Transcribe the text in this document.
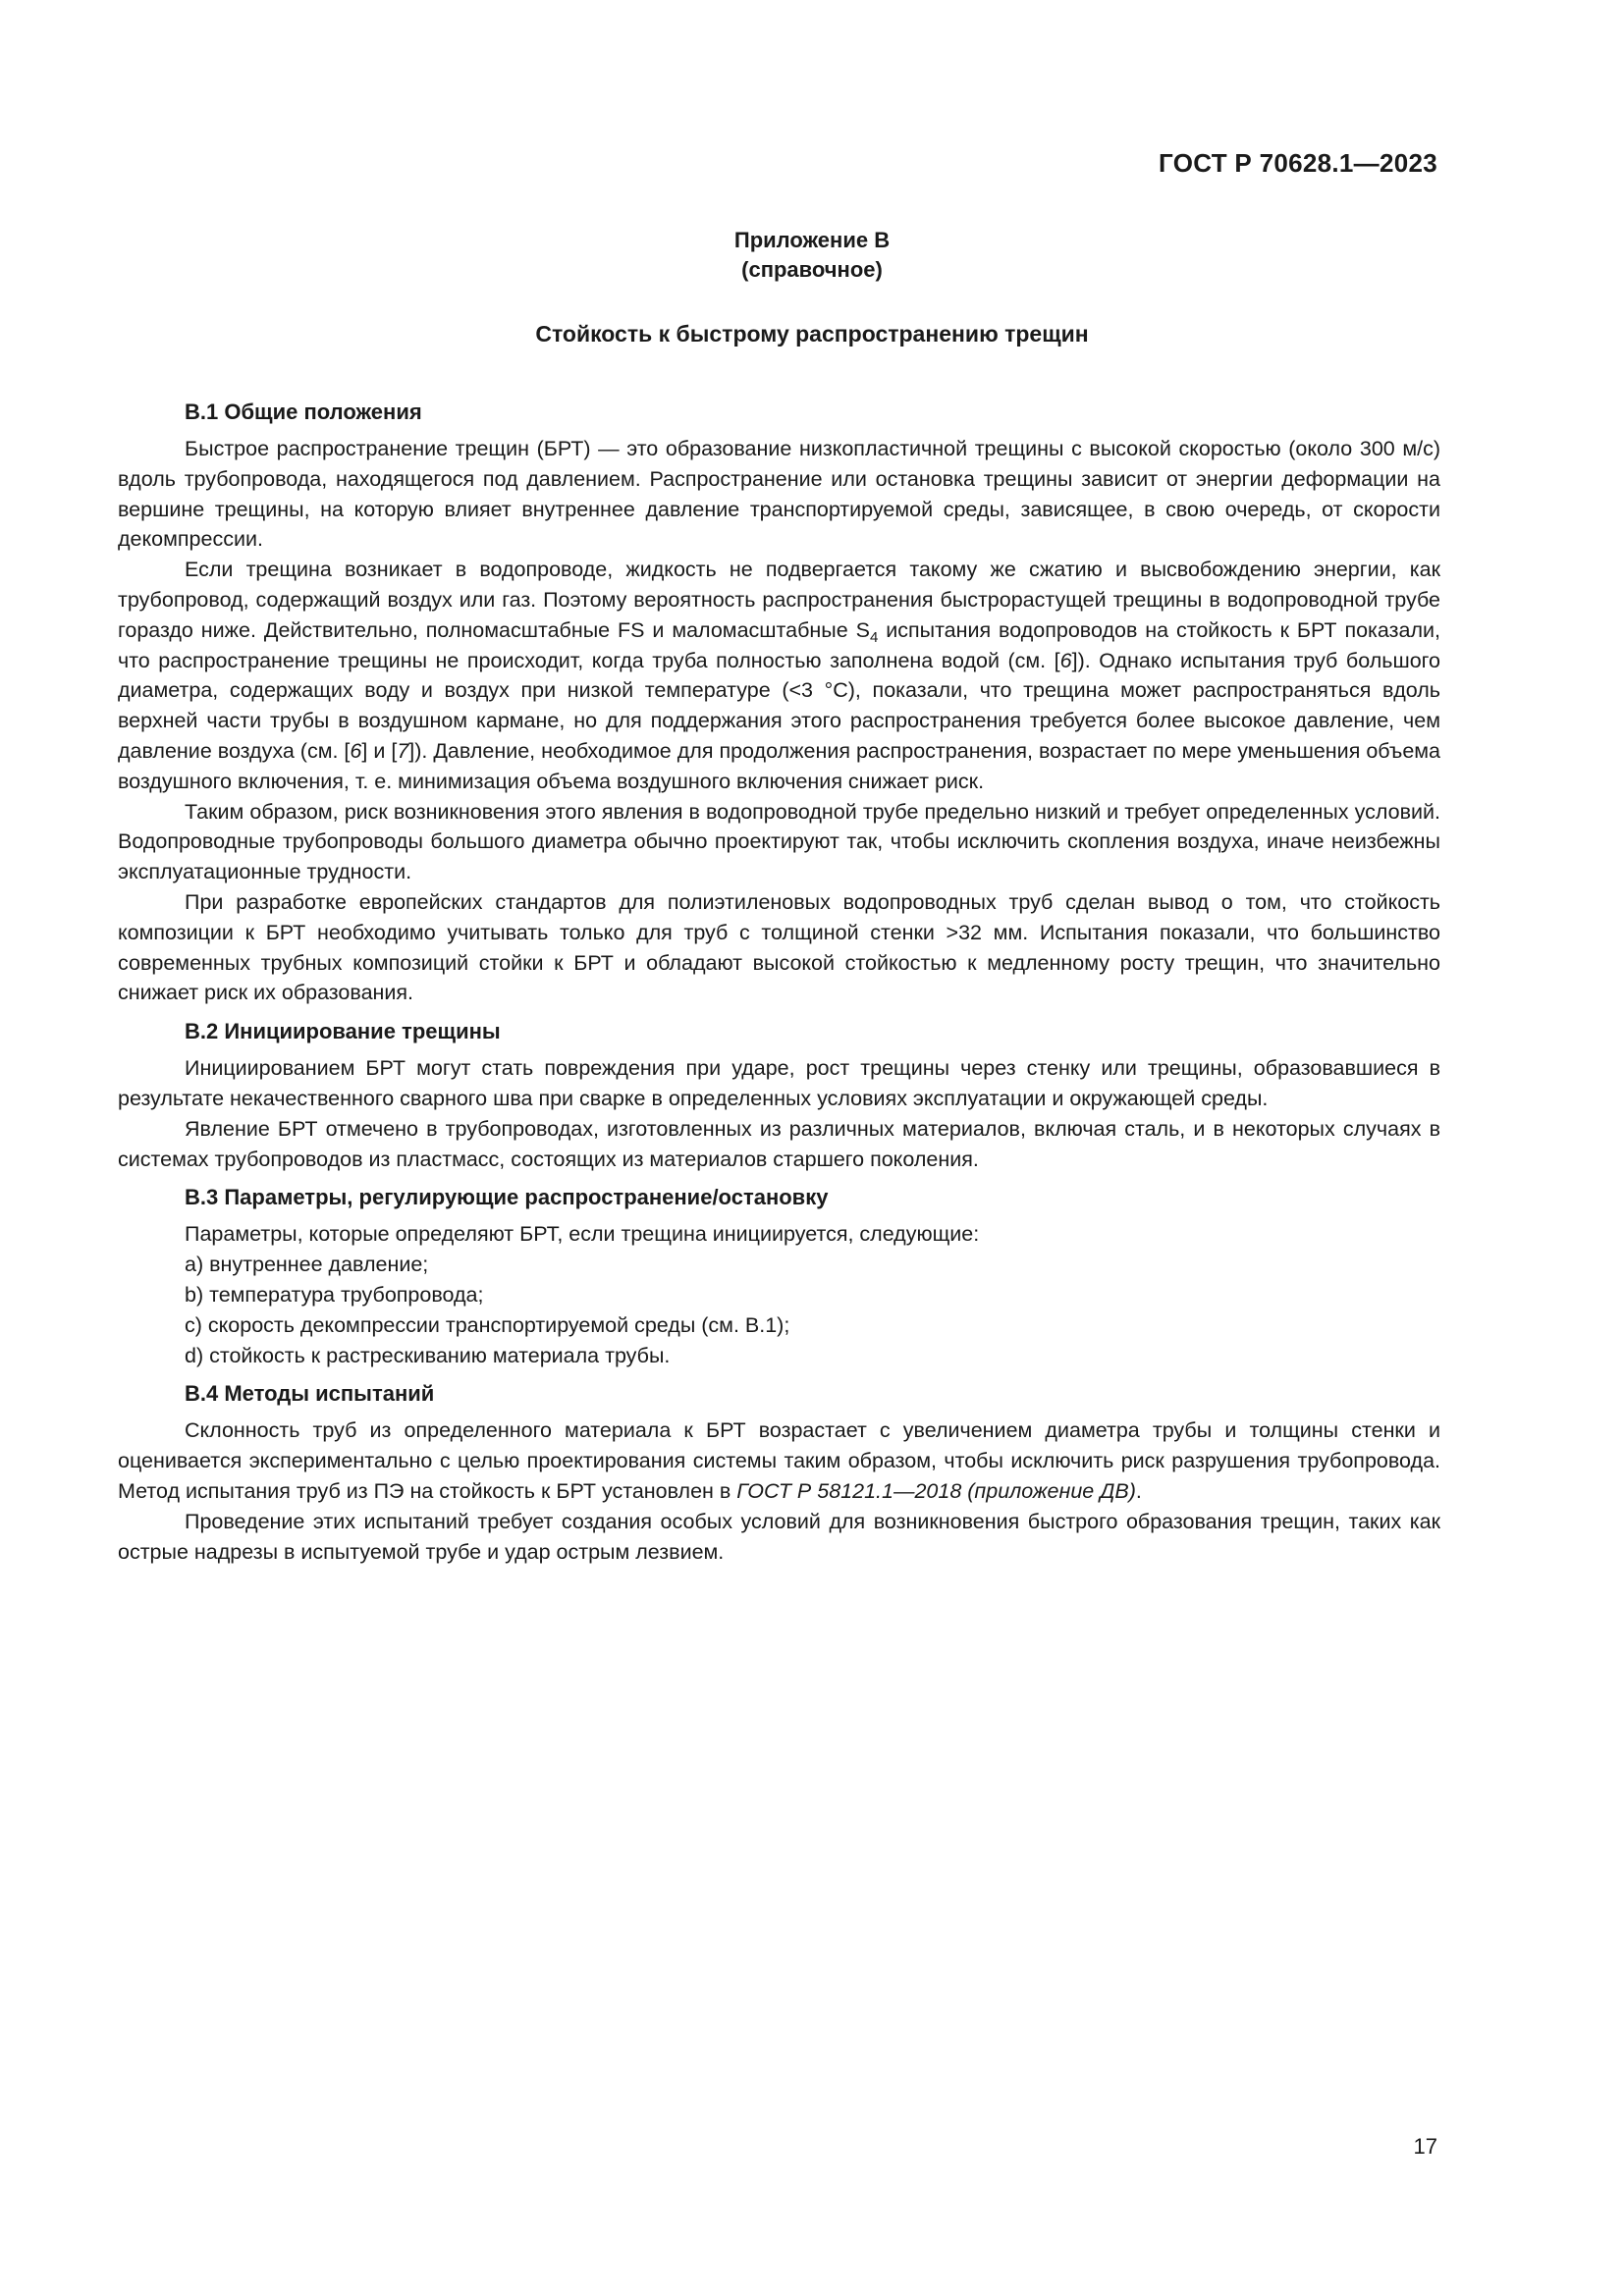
ГОСТ Р 70628.1—2023
Приложение В
(справочное)
Стойкость к быстрому распространению трещин
В.1 Общие положения

Быстрое распространение трещин (БРТ) — это образование низкопластичной трещины с высокой скоростью (около 300 м/с) вдоль трубопровода, находящегося под давлением. Распространение или остановка трещины зависит от энергии деформации на вершине трещины, на которую влияет внутреннее давление транспортируемой среды, зависящее, в свою очередь, от скорости декомпрессии.

Если трещина возникает в водопроводе, жидкость не подвергается такому же сжатию и высвобождению энергии, как трубопровод, содержащий воздух или газ. Поэтому вероятность распространения быстрорастущей трещины в водопроводной трубе гораздо ниже. Действительно, полномасштабные FS и маломасштабные $S_4$ испытания водопроводов на стойкость к БРТ показали, что распространение трещины не происходит, когда труба полностью заполнена водой (см. [6]). Однако испытания труб большого диаметра, содержащих воду и воздух при низкой температуре (<3 °С), показали, что трещина может распространяться вдоль верхней части трубы в воздушном кармане, но для поддержания этого распространения требуется более высокое давление, чем давление воздуха (см. [6] и [7]). Давление, необходимое для продолжения распространения, возрастает по мере уменьшения объема воздушного включения, т. е. минимизация объема воздушного включения снижает риск.

Таким образом, риск возникновения этого явления в водопроводной трубе предельно низкий и требует определенных условий. Водопроводные трубопроводы большого диаметра обычно проектируют так, чтобы исключить скопления воздуха, иначе неизбежны эксплуатационные трудности.

При разработке европейских стандартов для полиэтиленовых водопроводных труб сделан вывод о том, что стойкость композиции к БРТ необходимо учитывать только для труб с толщиной стенки >32 мм. Испытания показали, что большинство современных трубных композиций стойки к БРТ и обладают высокой стойкостью к медленному росту трещин, что значительно снижает риск их образования.

В.2 Инициирование трещины

Инициированием БРТ могут стать повреждения при ударе, рост трещины через стенку или трещины, образовавшиеся в результате некачественного сварного шва при сварке в определенных условиях эксплуатации и окружающей среды.

Явление БРТ отмечено в трубопроводах, изготовленных из различных материалов, включая сталь, и в некоторых случаях в системах трубопроводов из пластмасс, состоящих из материалов старшего поколения.

В.3 Параметры, регулирующие распространение/остановку

Параметры, которые определяют БРТ, если трещина инициируется, следующие:

a) внутреннее давление;

b) температура трубопровода;

c) скорость декомпрессии транспортируемой среды (см. В.1);

d) стойкость к растрескиванию материала трубы.

В.4 Методы испытаний

Склонность труб из определенного материала к БРТ возрастает с увеличением диаметра трубы и толщины стенки и оценивается экспериментально с целью проектирования системы таким образом, чтобы исключить риск разрушения трубопровода. Метод испытания труб из ПЭ на стойкость к БРТ установлен в ГОСТ Р 58121.1—2018 (приложение ДВ).

Проведение этих испытаний требует создания особых условий для возникновения быстрого образования трещин, таких как острые надрезы в испытуемой трубе и удар острым лезвием.

17
